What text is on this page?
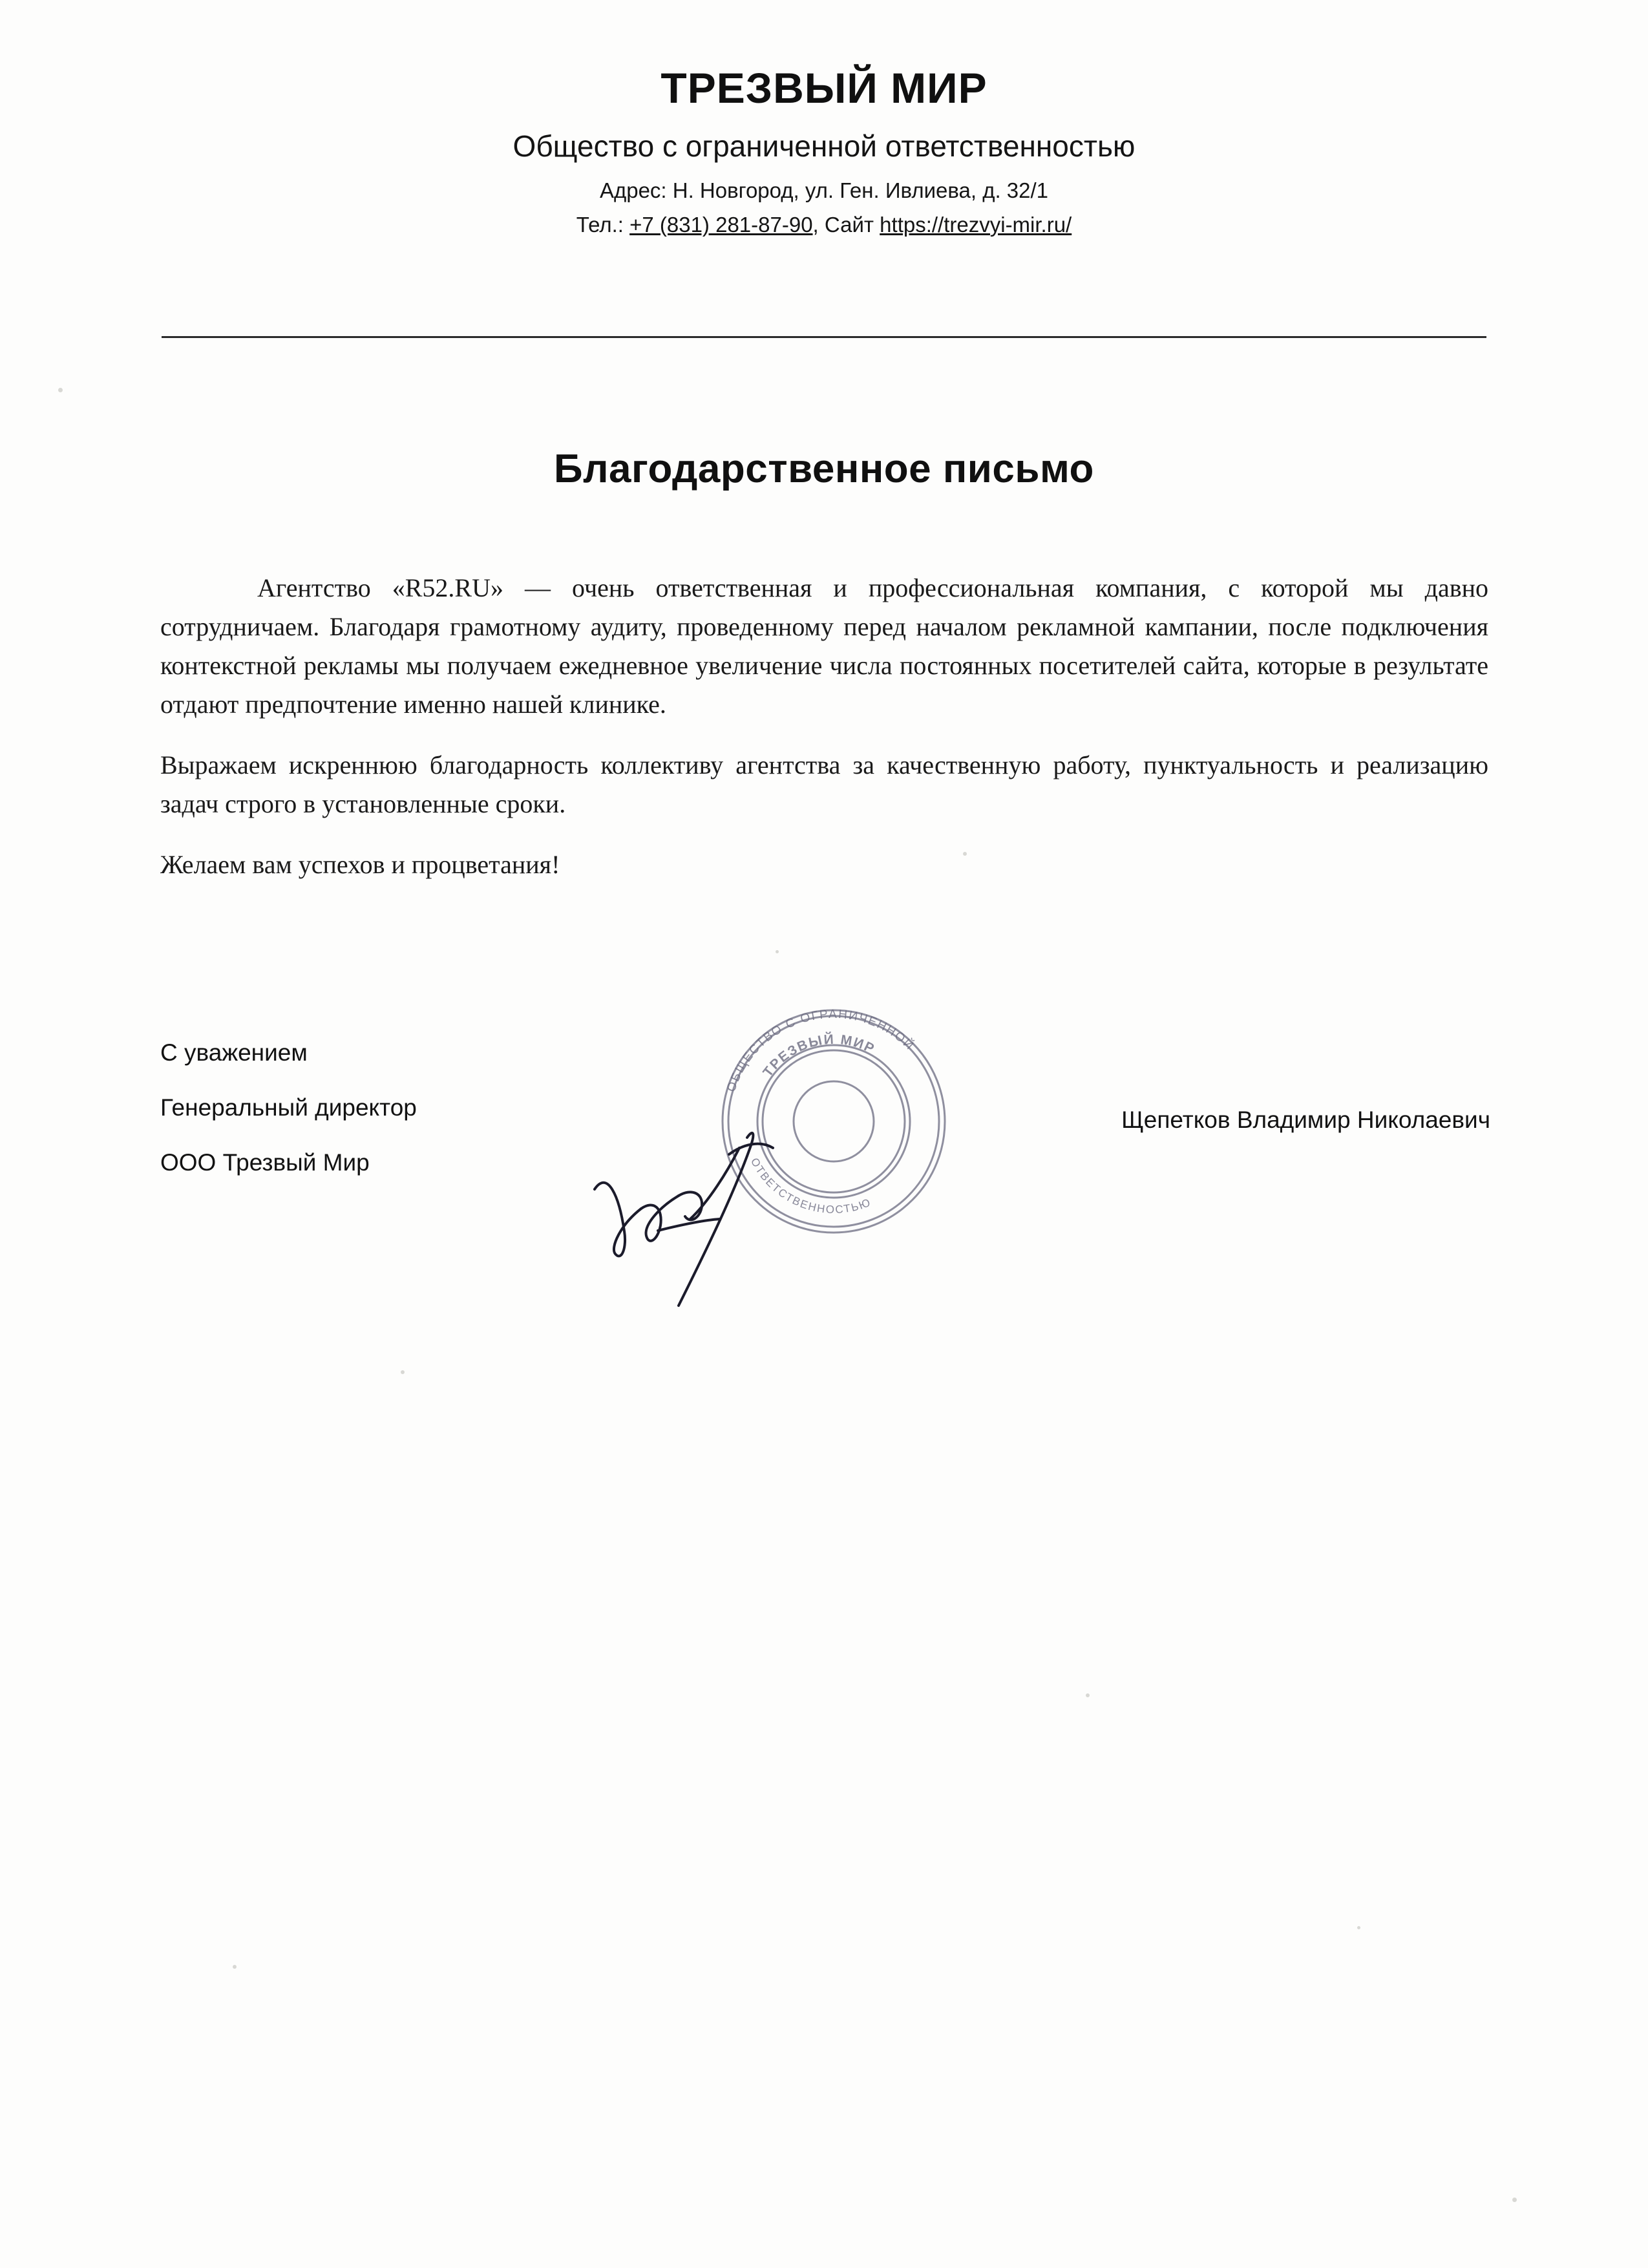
ТРЕЗВЫЙ МИР
Общество с ограниченной ответственностью
Адрес: Н. Новгород, ул. Ген. Ивлиева, д. 32/1
Тел.: +7 (831) 281-87-90, Сайт https://trezvyi-mir.ru/
Благодарственное письмо

Агентство «R52.RU» — очень ответственная и профессиональная компания, с которой мы давно сотрудничаем. Благодаря грамотному аудиту, проведенному перед началом рекламной кампании, после подключения контекстной рекламы мы получаем ежедневное увеличение числа постоянных посетителей сайта, которые в результате отдают предпочтение именно нашей клинике.

Выражаем искреннюю благодарность коллективу агентства за качественную работу, пунктуальность и реализацию задач строго в установленные сроки.

Желаем вам успехов и процветания!

С уважением
Генеральный директор
ООО Трезвый Мир
Щепетков Владимир Николаевич
ОБЩЕСТВО С ОГРАНИЧЕННОЙ
ОТВЕТСТВЕННОСТЬЮ
ТРЕЗВЫЙ МИР
